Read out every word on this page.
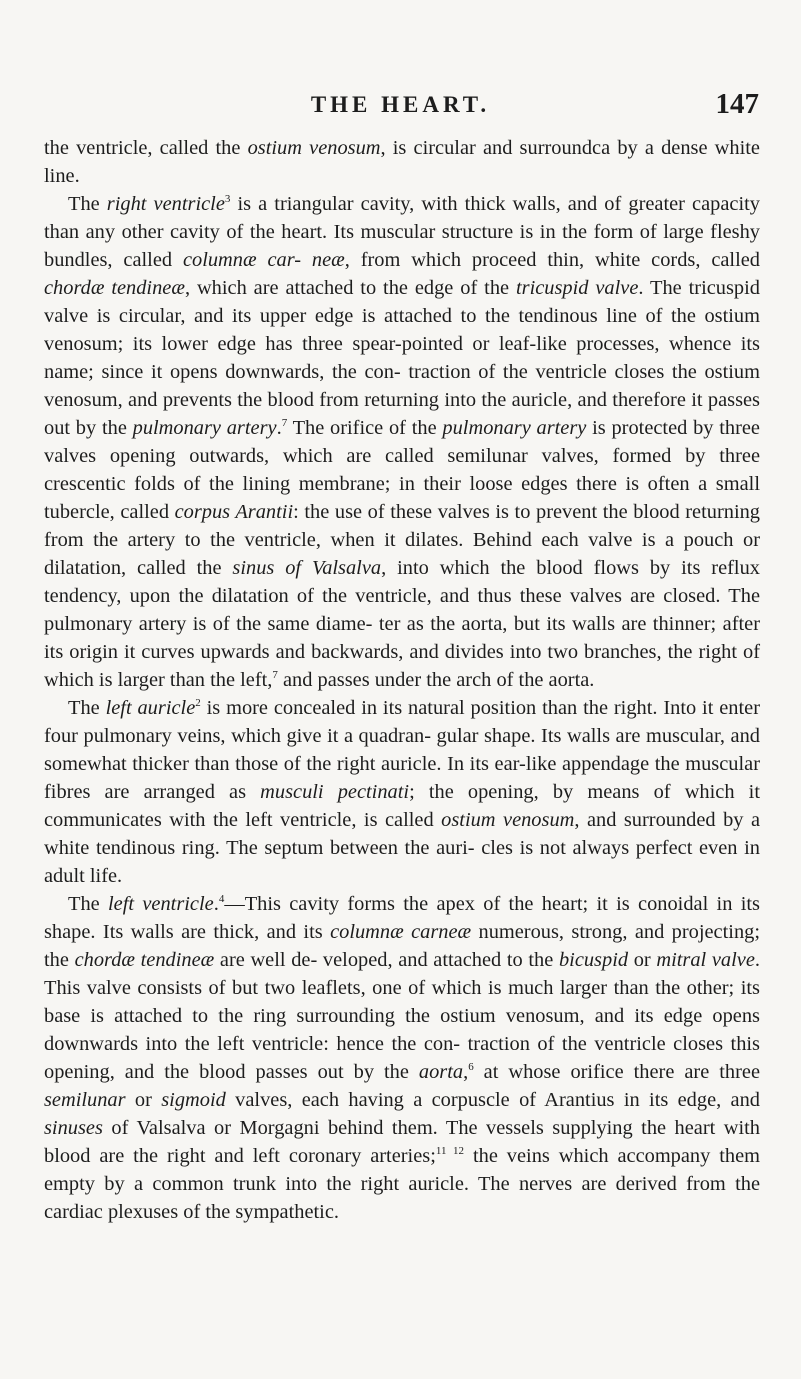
THE HEART.	147

the ventricle, called the ostium venosum, is circular and surroundca by a dense white line.

The right ventricle$^3$ is a triangular cavity, with thick walls, and of greater capacity than any other cavity of the heart. Its muscular structure is in the form of large fleshy bundles, called columnæ car- neæ, from which proceed thin, white cords, called chordæ tendineæ, which are attached to the edge of the tricuspid valve. The tricuspid valve is circular, and its upper edge is attached to the tendinous line of the ostium venosum; its lower edge has three spear-pointed or leaf-like processes, whence its name; since it opens downwards, the con- traction of the ventricle closes the ostium venosum, and prevents the blood from returning into the auricle, and therefore it passes out by the pulmonary artery.$^7$ The orifice of the pulmonary artery is protected by three valves opening outwards, which are called semilunar valves, formed by three crescentic folds of the lining membrane; in their loose edges there is often a small tubercle, called corpus Arantii: the use of these valves is to prevent the blood returning from the artery to the ventricle, when it dilates. Behind each valve is a pouch or dilatation, called the sinus of Valsalva, into which the blood flows by its reflux tendency, upon the dilatation of the ventricle, and thus these valves are closed. The pulmonary artery is of the same diame- ter as the aorta, but its walls are thinner; after its origin it curves upwards and backwards, and divides into two branches, the right of which is larger than the left,$^7$ and passes under the arch of the aorta.

The left auricle$^2$ is more concealed in its natural position than the right. Into it enter four pulmonary veins, which give it a quadran- gular shape. Its walls are muscular, and somewhat thicker than those of the right auricle. In its ear-like appendage the muscular fibres are arranged as musculi pectinati; the opening, by means of which it communicates with the left ventricle, is called ostium venosum, and surrounded by a white tendinous ring. The septum between the auri- cles is not always perfect even in adult life.

The left ventricle.$^4$—This cavity forms the apex of the heart; it is conoidal in its shape. Its walls are thick, and its columnæ carneæ numerous, strong, and projecting; the chordæ tendineæ are well de- veloped, and attached to the bicuspid or mitral valve. This valve consists of but two leaflets, one of which is much larger than the other; its base is attached to the ring surrounding the ostium venosum, and its edge opens downwards into the left ventricle: hence the con- traction of the ventricle closes this opening, and the blood passes out by the aorta,$^6$ at whose orifice there are three semilunar or sigmoid valves, each having a corpuscle of Arantius in its edge, and sinuses of Valsalva or Morgagni behind them. The vessels supplying the heart with blood are the right and left coronary arteries;$^{11 12}$ the veins which accompany them empty by a common trunk into the right auricle. The nerves are derived from the cardiac plexuses of the sympathetic.
